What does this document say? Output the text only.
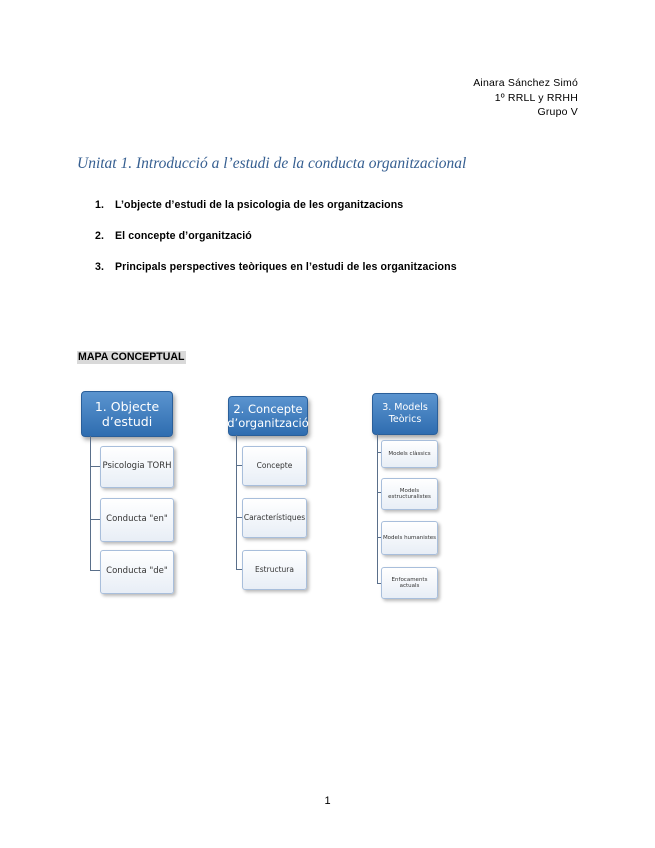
Ainara Sánchez Simó
1º RRLL y RRHH
Grupo V
Unitat 1. Introducció a l’estudi de la conducta organitzacional
1. L’objecte d’estudi de la psicologia de les organitzacions
2. El concepte d’organització
3. Principals perspectives teòriques en l’estudi de les organitzacions
MAPA CONCEPTUAL
1. Objecte
d’estudi
Psicologia TORH
Conducta "en"
Conducta "de"
2. Concepte
d’organització
Concepte
Característiques
Estructura
3. Models
Teòrics
Models clàssics
Models estructuralistes
Models humanistes
Enfocaments actuals
1
